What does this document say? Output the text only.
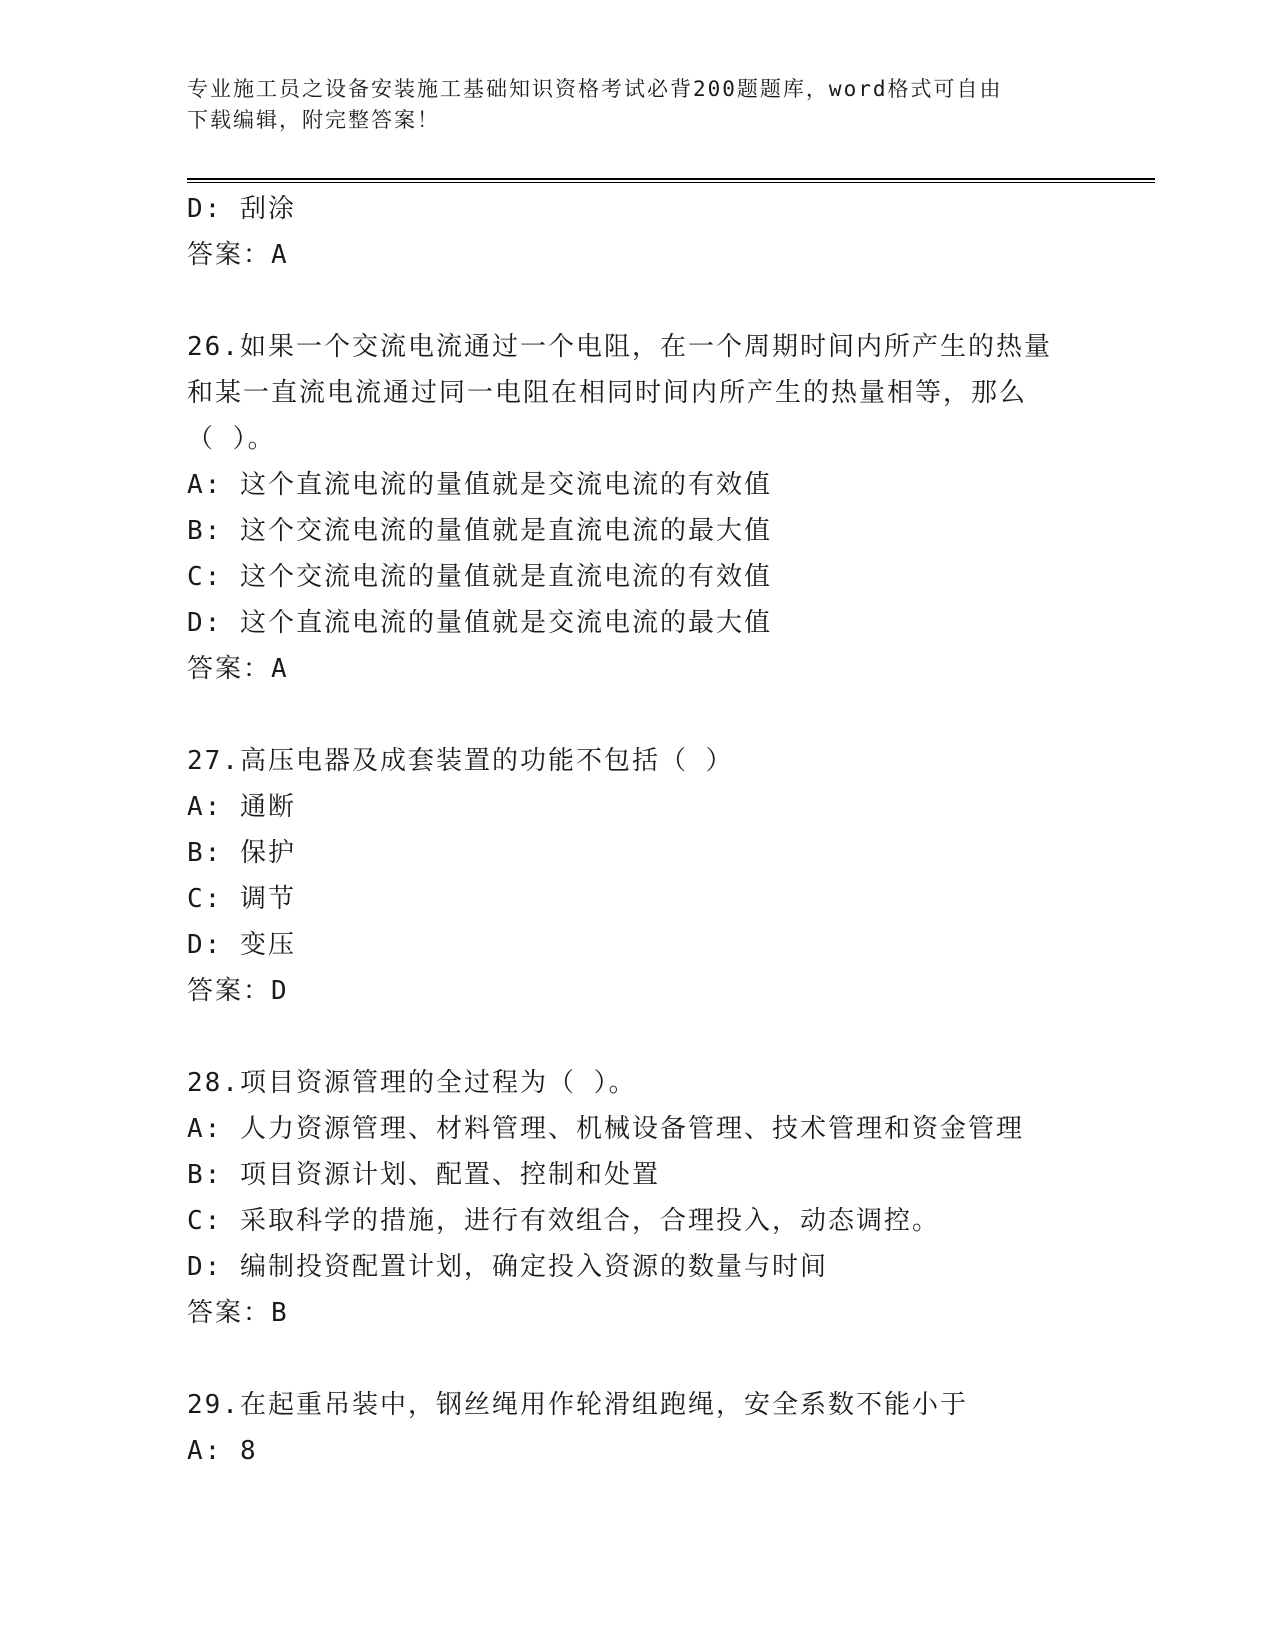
专业施工员之设备安装施工基础知识资格考试必背200题题库，word格式可自由
下载编辑，附完整答案！
D: 刮涂
答案：A
26.如果一个交流电流通过一个电阻，在一个周期时间内所产生的热量
和某一直流电流通过同一电阻在相同时间内所产生的热量相等，那么
（ ）。
A: 这个直流电流的量值就是交流电流的有效值
B: 这个交流电流的量值就是直流电流的最大值
C: 这个交流电流的量值就是直流电流的有效值
D: 这个直流电流的量值就是交流电流的最大值
答案：A
27.高压电器及成套装置的功能不包括（ ）
A: 通断
B: 保护
C: 调节
D: 变压
答案：D
28.项目资源管理的全过程为（ ）。
A: 人力资源管理、材料管理、机械设备管理、技术管理和资金管理
B: 项目资源计划、配置、控制和处置
C: 采取科学的措施，进行有效组合，合理投入，动态调控。
D: 编制投资配置计划，确定投入资源的数量与时间
答案：B
29.在起重吊装中，钢丝绳用作轮滑组跑绳，安全系数不能小于
A: 8
